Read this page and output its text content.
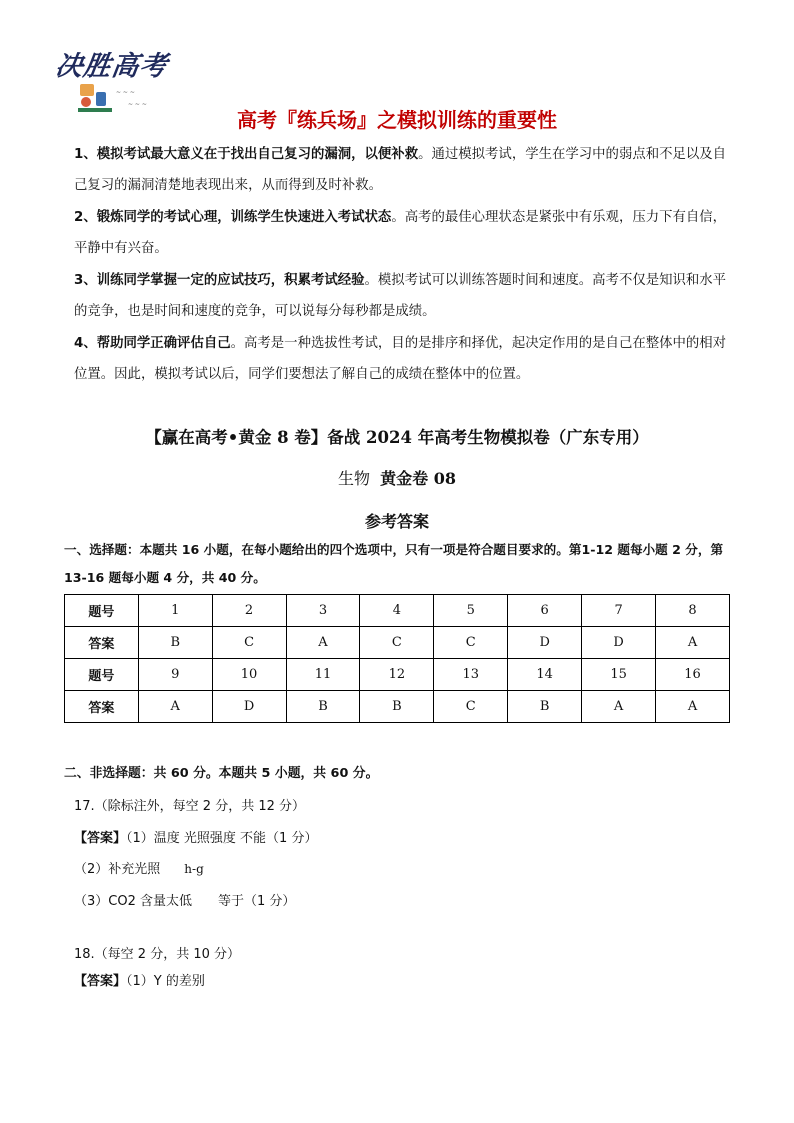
决胜高考
~ ~ ~
~ ~ ~
高考『练兵场』之模拟训练的重要性

1、模拟考试最大意义在于找出自己复习的漏洞，以便补救。通过模拟考试，学生在学习中的弱点和不足以及自己复习的漏洞清楚地表现出来，从而得到及时补救。

2、锻炼同学的考试心理，训练学生快速进入考试状态。高考的最佳心理状态是紧张中有乐观，压力下有自信，平静中有兴奋。

3、训练同学掌握一定的应试技巧，积累考试经验。模拟考试可以训练答题时间和速度。高考不仅是知识和水平的竞争，也是时间和速度的竞争，可以说每分每秒都是成绩。

4、帮助同学正确评估自己。高考是一种选拔性考试，目的是排序和择优，起决定作用的是自己在整体中的相对位置。因此，模拟考试以后，同学们要想法了解自己的成绩在整体中的位置。

【赢在高考•黄金 8 卷】备战 2024 年高考生物模拟卷（广东专用）
生物 黄金卷 08
参考答案

一、选择题：本题共 16 小题，在每小题给出的四个选项中，只有一项是符合题目要求的。第1-12 题每小题 2 分，第 13-16 题每小题 4 分，共 40 分。

题号	1	2	3	4	5	6	7	8
答案	B	C	A	C	C	D	D	A
题号	9	10	11	12	13	14	15	16
答案	A	D	B	B	C	B	A	A
二、非选择题：共 60 分。本题共 5 小题，共 60 分。
17.（除标注外，每空 2 分，共 12 分）
【答案】（1）温度 光照强度 不能（1 分）
（2）补充光照 h-g
（3）CO2 含量太低 等于（1 分）
18.（每空 2 分，共 10 分）
【答案】（1）Y 的差别
